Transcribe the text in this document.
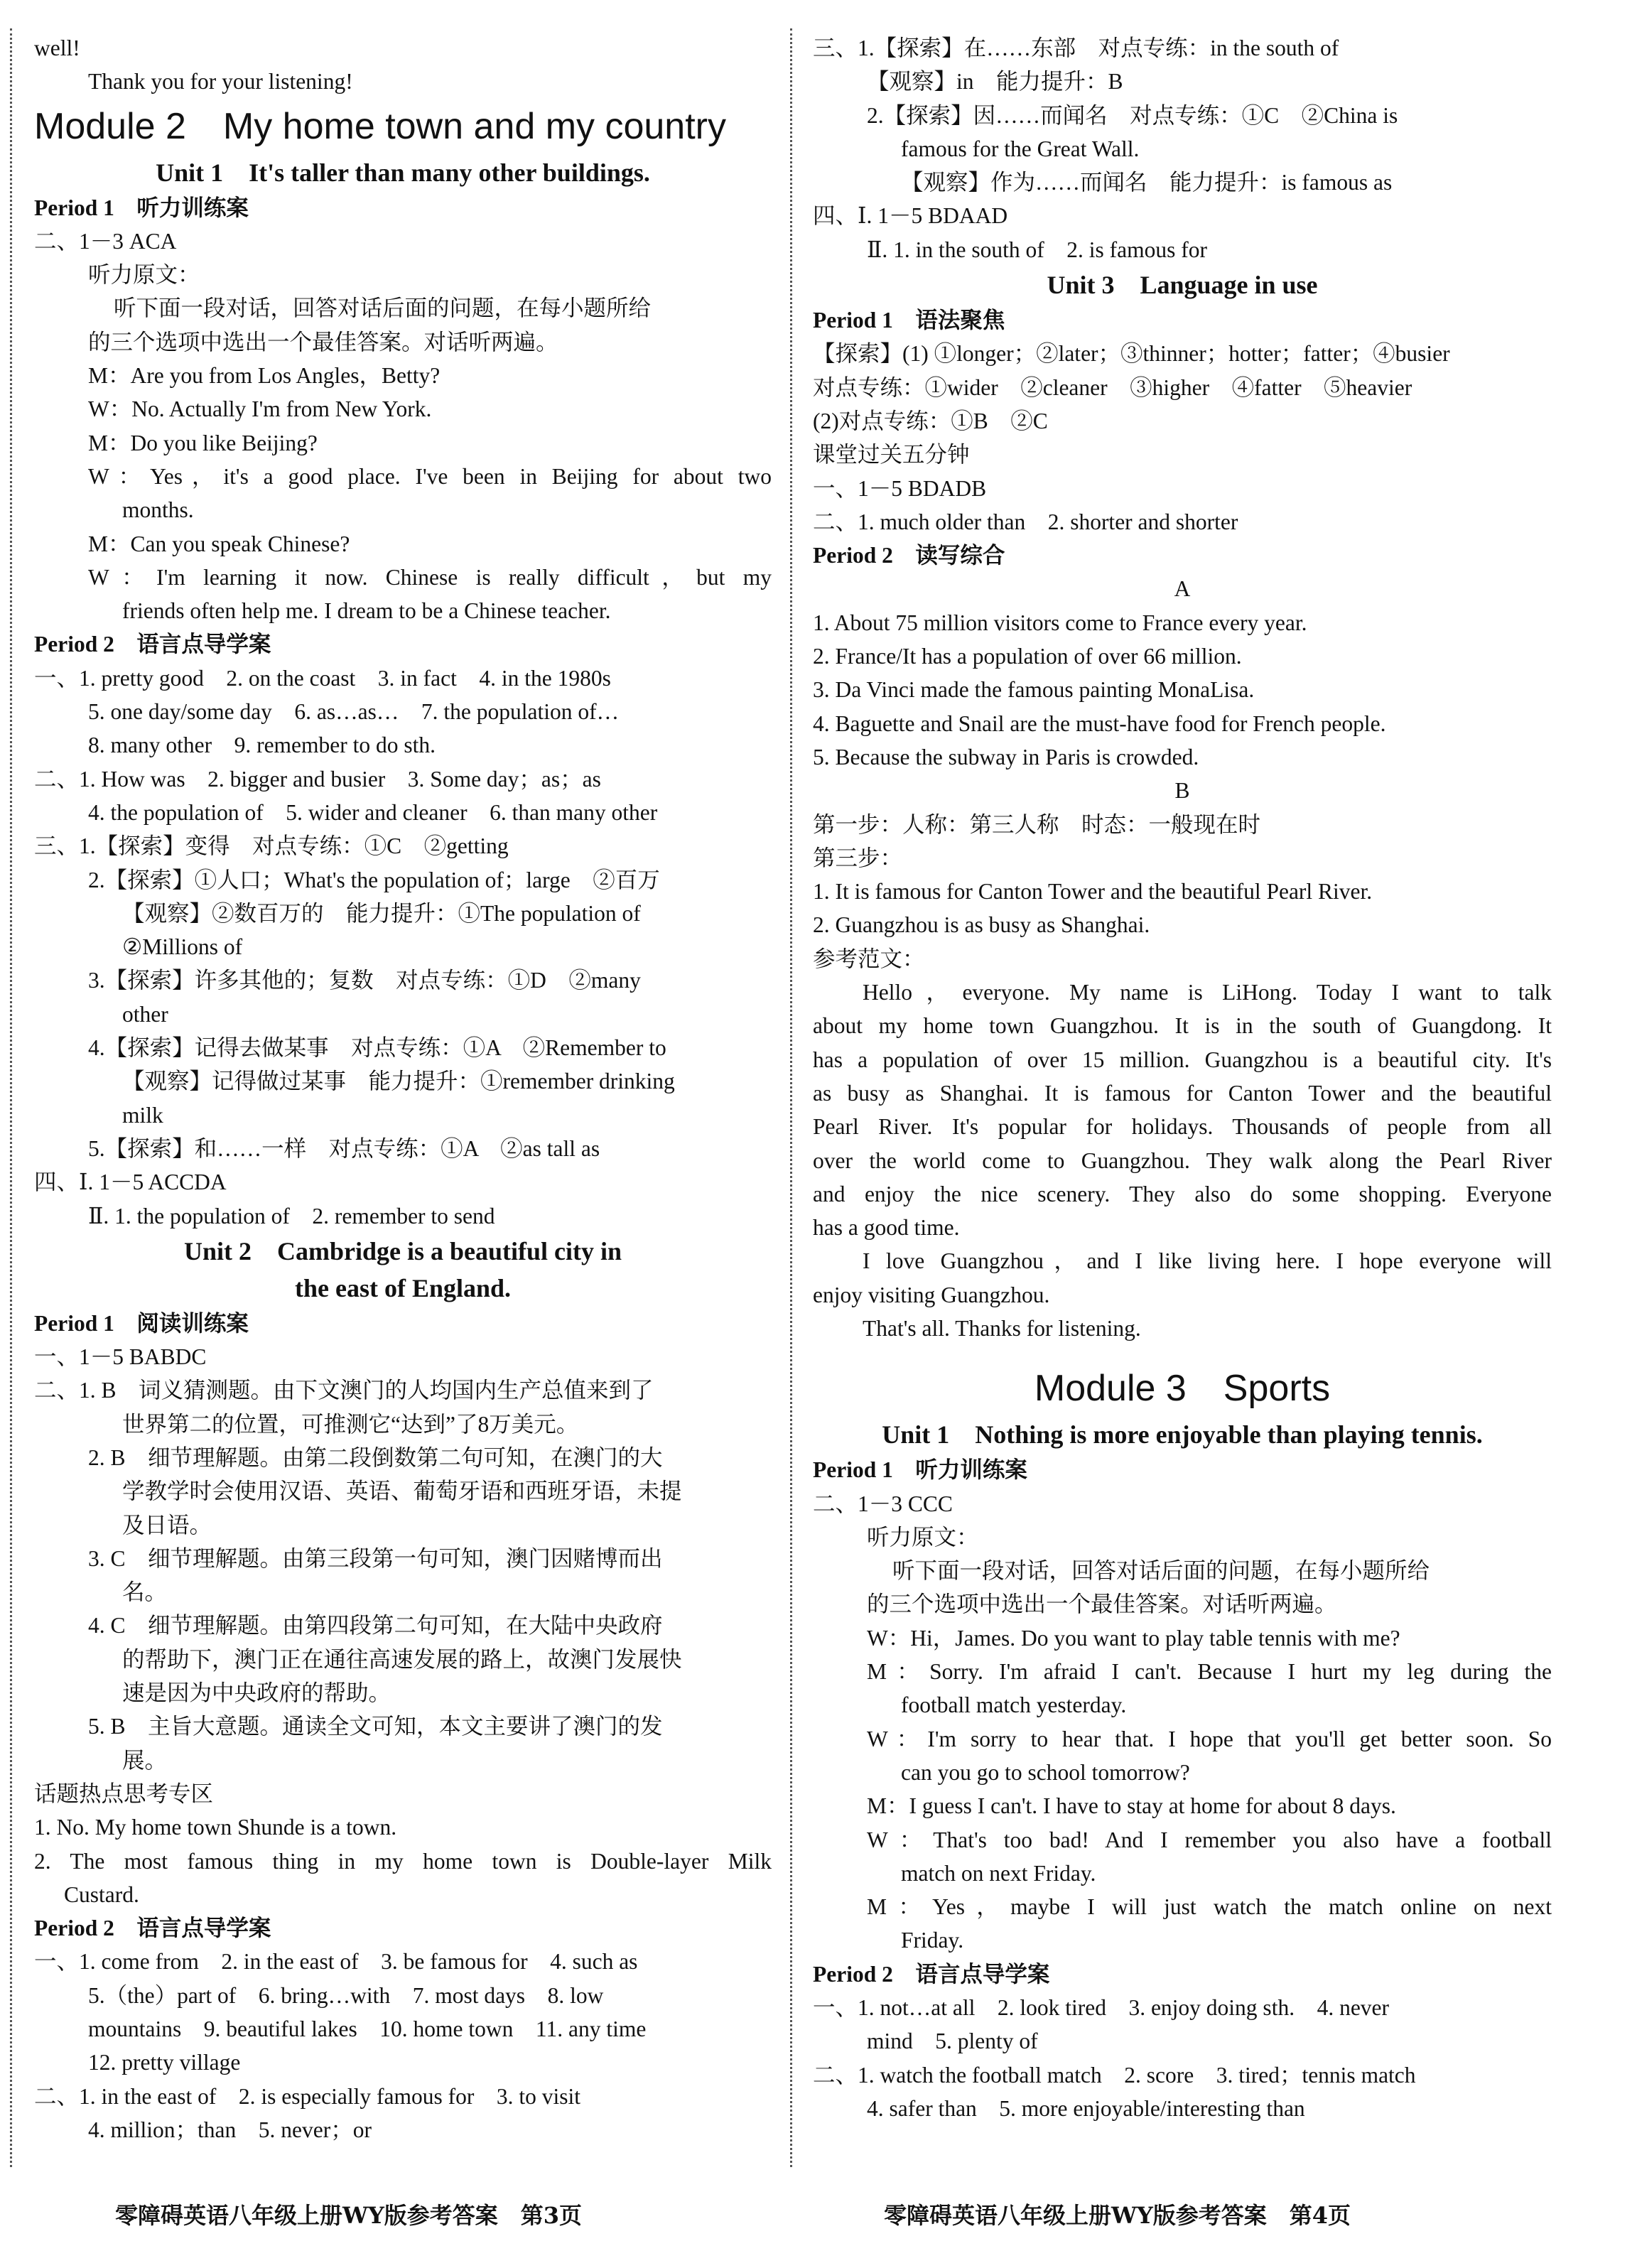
well!
Thank you for your listening!
Module 2　My home town and my country
Unit 1　It's taller than many other buildings.
Period 1　听力训练案
二、1－3 ACA
听力原文：
听下面一段对话，回答对话后面的问题，在每小题所给
的三个选项中选出一个最佳答案。对话听两遍。
M：Are you from Los Angles，Betty?
W：No. Actually I'm from New York.
M：Do you like Beijing?
W：Yes，it's a good place. I've been in Beijing for about two
months.
M：Can you speak Chinese?
W：I'm learning it now. Chinese is really difficult，but my
friends often help me. I dream to be a Chinese teacher.
Period 2　语言点导学案
一、1. pretty good　2. on the coast　3. in fact　4. in the 1980s
5. one day/some day　6. as…as…　7. the population of…
8. many other　9. remember to do sth.
二、1. How was　2. bigger and busier　3. Some day；as；as
4. the population of　5. wider and cleaner　6. than many other
三、1.【探索】变得　对点专练：①C　②getting
2.【探索】①人口；What's the population of；large　②百万
【观察】②数百万的　能力提升：①The population of
②Millions of
3.【探索】许多其他的；复数　对点专练：①D　②many
other
4.【探索】记得去做某事　对点专练：①A　②Remember to
【观察】记得做过某事　能力提升：①remember drinking
milk
5.【探索】和……一样　对点专练：①A　②as tall as
四、Ⅰ. 1－5 ACCDA
Ⅱ. 1. the population of　2. remember to send
Unit 2　Cambridge is a beautiful city in
the east of England.
Period 1　阅读训练案
一、1－5 BABDC
二、1. B　词义猜测题。由下文澳门的人均国内生产总值来到了
世界第二的位置，可推测它“达到”了8万美元。
2. B　细节理解题。由第二段倒数第二句可知，在澳门的大
学教学时会使用汉语、英语、葡萄牙语和西班牙语，未提
及日语。
3. C　细节理解题。由第三段第一句可知，澳门因赌博而出
名。
4. C　细节理解题。由第四段第二句可知，在大陆中央政府
的帮助下，澳门正在通往高速发展的路上，故澳门发展快
速是因为中央政府的帮助。
5. B　主旨大意题。通读全文可知，本文主要讲了澳门的发
展。
话题热点思考专区
1. No. My home town Shunde is a town.
2. The most famous thing in my home town is Double-layer Milk
Custard.
Period 2　语言点导学案
一、1. come from　2. in the east of　3. be famous for　4. such as
5.（the）part of　6. bring…with　7. most days　8. low
mountains　9. beautiful lakes　10. home town　11. any time
12. pretty village
二、1. in the east of　2. is especially famous for　3. to visit
4. million；than　5. never；or
三、1.【探索】在……东部　对点专练：in the south of
【观察】in　能力提升：B
2.【探索】因……而闻名　对点专练：①C　②China is
famous for the Great Wall.
【观察】作为……而闻名　能力提升：is famous as
四、Ⅰ. 1－5 BDAAD
Ⅱ. 1. in the south of　2. is famous for
Unit 3　Language in use
Period 1　语法聚焦
【探索】(1) ①longer；②later；③thinner；hotter；fatter；④busier
对点专练：①wider　②cleaner　③higher　④fatter　⑤heavier
(2)对点专练：①B　②C
课堂过关五分钟
一、1－5 BDADB
二、1. much older than　2. shorter and shorter
Period 2　读写综合
A
1. About 75 million visitors come to France every year.
2. France/It has a population of over 66 million.
3. Da Vinci made the famous painting MonaLisa.
4. Baguette and Snail are the must-have food for French people.
5. Because the subway in Paris is crowded.
B
第一步：人称：第三人称　时态：一般现在时
第三步：
1. It is famous for Canton Tower and the beautiful Pearl River.
2. Guangzhou is as busy as Shanghai.
参考范文：
Hello，everyone. My name is LiHong. Today I want to talk
about my home town Guangzhou. It is in the south of Guangdong. It
has a population of over 15 million. Guangzhou is a beautiful city. It's
as busy as Shanghai. It is famous for Canton Tower and the beautiful
Pearl River. It's popular for holidays. Thousands of people from all
over the world come to Guangzhou. They walk along the Pearl River
and enjoy the nice scenery. They also do some shopping. Everyone
has a good time.
I love Guangzhou，and I like living here. I hope everyone will
enjoy visiting Guangzhou.
That's all. Thanks for listening.
Module 3　Sports
Unit 1　Nothing is more enjoyable than playing tennis.
Period 1　听力训练案
二、1－3 CCC
听力原文：
听下面一段对话，回答对话后面的问题，在每小题所给
的三个选项中选出一个最佳答案。对话听两遍。
W：Hi，James. Do you want to play table tennis with me?
M：Sorry. I'm afraid I can't. Because I hurt my leg during the
football match yesterday.
W：I'm sorry to hear that. I hope that you'll get better soon. So
can you go to school tomorrow?
M：I guess I can't. I have to stay at home for about 8 days.
W：That's too bad! And I remember you also have a football
match on next Friday.
M：Yes，maybe I will just watch the match online on next
Friday.
Period 2　语言点导学案
一、1. not…at all　2. look tired　3. enjoy doing sth.　4. never
mind　5. plenty of
二、1. watch the football match　2. score　3. tired；tennis match
4. safer than　5. more enjoyable/interesting than
零障碍英语八年级上册WY版参考答案　第3页	零障碍英语八年级上册WY版参考答案　第4页
